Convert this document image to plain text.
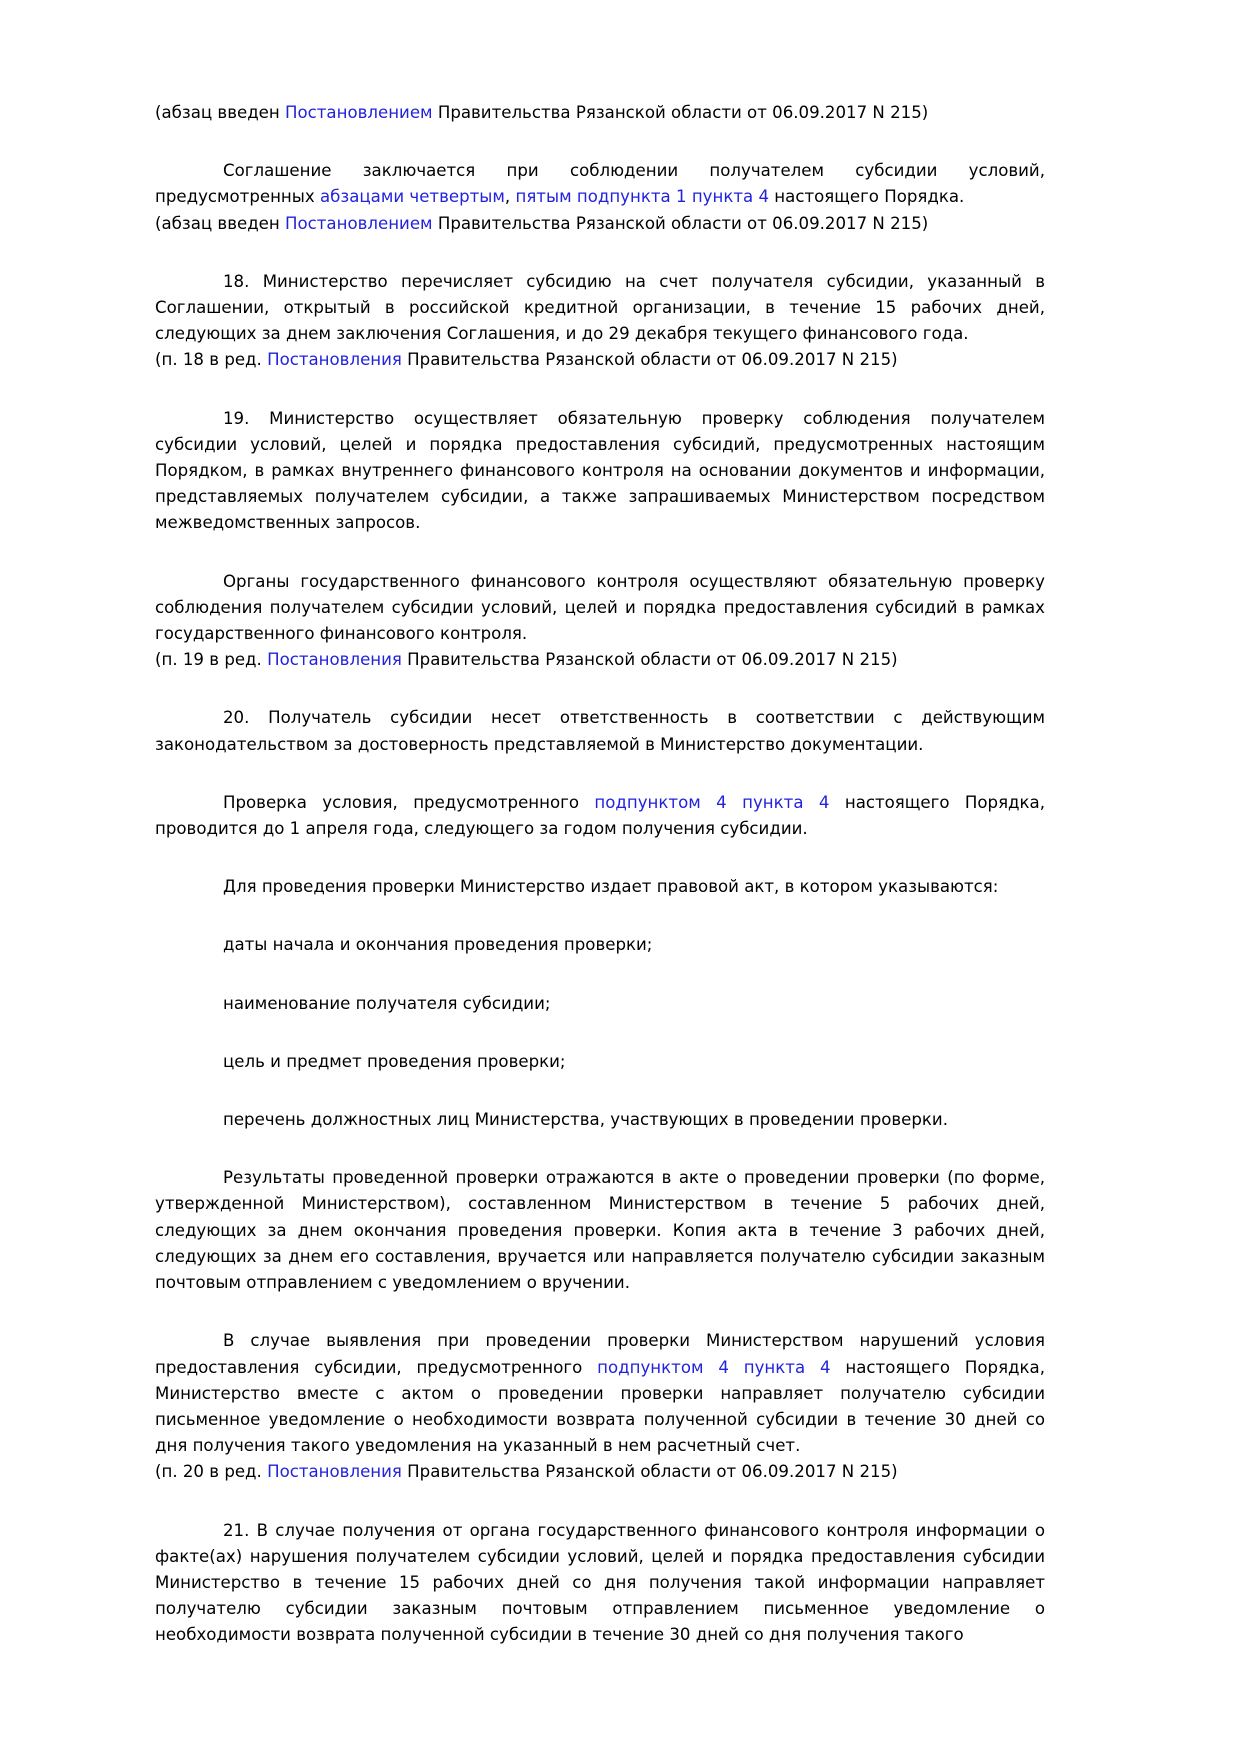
(абзац введен Постановлением Правительства Рязанской области от 06.09.2017 N 215)

Соглашение заключается при соблюдении получателем субсидии условий, предусмотренных абзацами четвертым, пятым подпункта 1 пункта 4 настоящего Порядка.

(абзац введен Постановлением Правительства Рязанской области от 06.09.2017 N 215)

18. Министерство перечисляет субсидию на счет получателя субсидии, указанный в Соглашении, открытый в российской кредитной организации, в течение 15 рабочих дней, следующих за днем заключения Соглашения, и до 29 декабря текущего финансового года.

(п. 18 в ред. Постановления Правительства Рязанской области от 06.09.2017 N 215)

19. Министерство осуществляет обязательную проверку соблюдения получателем субсидии условий, целей и порядка предоставления субсидий, предусмотренных настоящим Порядком, в рамках внутреннего финансового контроля на основании документов и информации, представляемых получателем субсидии, а также запрашиваемых Министерством посредством межведомственных запросов.

Органы государственного финансового контроля осуществляют обязательную проверку соблюдения получателем субсидии условий, целей и порядка предоставления субсидий в рамках государственного финансового контроля.

(п. 19 в ред. Постановления Правительства Рязанской области от 06.09.2017 N 215)

20. Получатель субсидии несет ответственность в соответствии с действующим законодательством за достоверность представляемой в Министерство документации.

Проверка условия, предусмотренного подпунктом 4 пункта 4 настоящего Порядка, проводится до 1 апреля года, следующего за годом получения субсидии.

Для проведения проверки Министерство издает правовой акт, в котором указываются:

даты начала и окончания проведения проверки;

наименование получателя субсидии;

цель и предмет проведения проверки;

перечень должностных лиц Министерства, участвующих в проведении проверки.

Результаты проведенной проверки отражаются в акте о проведении проверки (по форме, утвержденной Министерством), составленном Министерством в течение 5 рабочих дней, следующих за днем окончания проведения проверки. Копия акта в течение 3 рабочих дней, следующих за днем его составления, вручается или направляется получателю субсидии заказным почтовым отправлением с уведомлением о вручении.

В случае выявления при проведении проверки Министерством нарушений условия предоставления субсидии, предусмотренного подпунктом 4 пункта 4 настоящего Порядка, Министерство вместе с актом о проведении проверки направляет получателю субсидии письменное уведомление о необходимости возврата полученной субсидии в течение 30 дней со дня получения такого уведомления на указанный в нем расчетный счет.

(п. 20 в ред. Постановления Правительства Рязанской области от 06.09.2017 N 215)

21. В случае получения от органа государственного финансового контроля информации о факте(ах) нарушения получателем субсидии условий, целей и порядка предоставления субсидии Министерство в течение 15 рабочих дней со дня получения такой информации направляет получателю субсидии заказным почтовым отправлением письменное уведомление о необходимости возврата полученной субсидии в течение 30 дней со дня получения такого
